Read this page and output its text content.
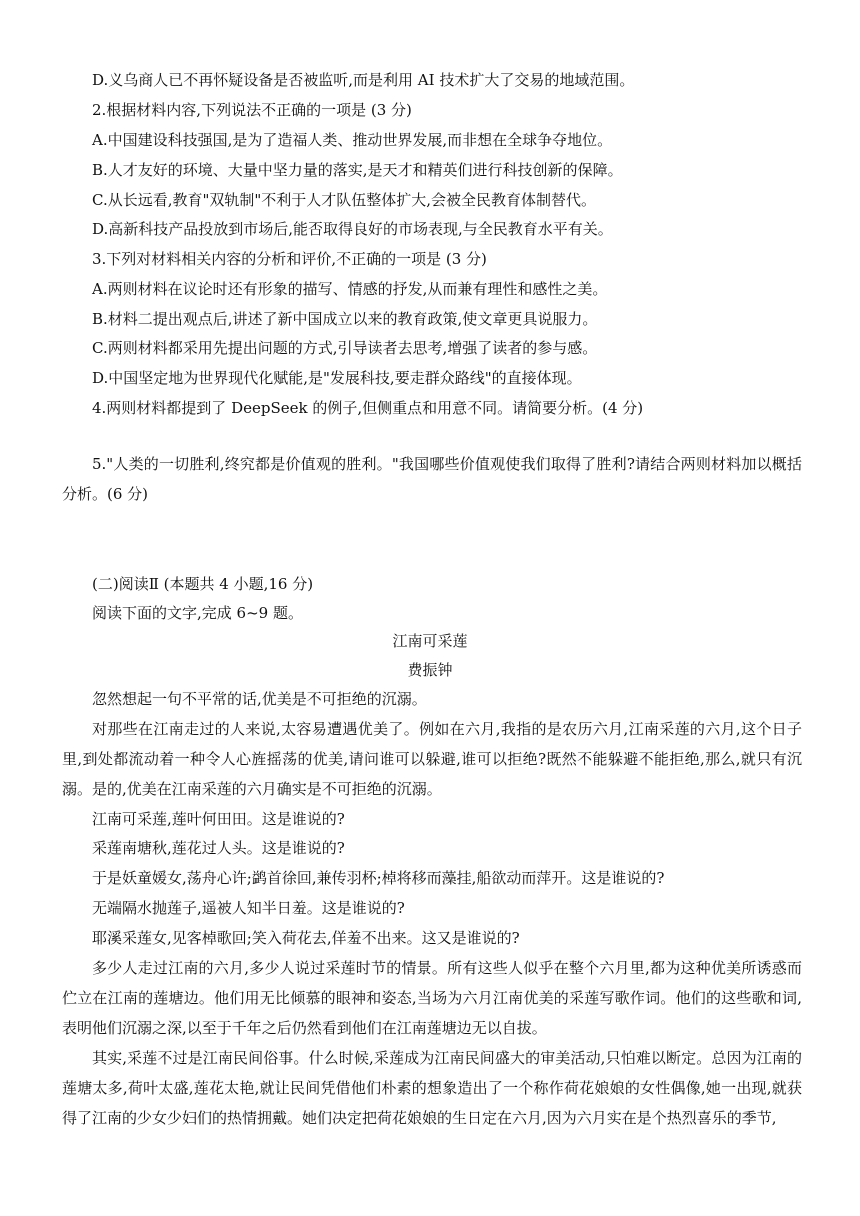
D.义乌商人已不再怀疑设备是否被监听,而是利用 AI 技术扩大了交易的地域范围。
2.根据材料内容,下列说法不正确的一项是 (3 分)
A.中国建设科技强国,是为了造福人类、推动世界发展,而非想在全球争夺地位。
B.人才友好的环境、大量中坚力量的落实,是天才和精英们进行科技创新的保障。
C.从长远看,教育"双轨制"不利于人才队伍整体扩大,会被全民教育体制替代。
D.高新科技产品投放到市场后,能否取得良好的市场表现,与全民教育水平有关。
3.下列对材料相关内容的分析和评价,不正确的一项是 (3 分)
A.两则材料在议论时还有形象的描写、情感的抒发,从而兼有理性和感性之美。
B.材料二提出观点后,讲述了新中国成立以来的教育政策,使文章更具说服力。
C.两则材料都采用先提出问题的方式,引导读者去思考,增强了读者的参与感。
D.中国坚定地为世界现代化赋能,是"发展科技,要走群众路线"的直接体现。
4.两则材料都提到了 DeepSeek 的例子,但侧重点和用意不同。请简要分析。(4 分)
5."人类的一切胜利,终究都是价值观的胜利。"我国哪些价值观使我们取得了胜利?请结合两则材料加以概括分析。(6 分)
(二)阅读Ⅱ (本题共 4 小题,16 分)
阅读下面的文字,完成 6~9 题。
江南可采莲
费振钟
忽然想起一句不平常的话,优美是不可拒绝的沉溺。
对那些在江南走过的人来说,太容易遭遇优美了。例如在六月,我指的是农历六月,江南采莲的六月,这个日子里,到处都流动着一种令人心旌摇荡的优美,请问谁可以躲避,谁可以拒绝?既然不能躲避不能拒绝,那么,就只有沉溺。是的,优美在江南采莲的六月确实是不可拒绝的沉溺。
江南可采莲,莲叶何田田。这是谁说的?
采莲南塘秋,莲花过人头。这是谁说的?
于是妖童媛女,荡舟心许;鹢首徐回,兼传羽杯;棹将移而藻挂,船欲动而萍开。这是谁说的?
无端隔水抛莲子,遥被人知半日羞。这是谁说的?
耶溪采莲女,见客棹歌回;笑入荷花去,佯羞不出来。这又是谁说的?
多少人走过江南的六月,多少人说过采莲时节的情景。所有这些人似乎在整个六月里,都为这种优美所诱惑而伫立在江南的莲塘边。他们用无比倾慕的眼神和姿态,当场为六月江南优美的采莲写歌作词。他们的这些歌和词,表明他们沉溺之深,以至于千年之后仍然看到他们在江南莲塘边无以自拔。
其实,采莲不过是江南民间俗事。什么时候,采莲成为江南民间盛大的审美活动,只怕难以断定。总因为江南的莲塘太多,荷叶太盛,莲花太艳,就让民间凭借他们朴素的想象造出了一个称作荷花娘娘的女性偶像,她一出现,就获得了江南的少女少妇们的热情拥戴。她们决定把荷花娘娘的生日定在六月,因为六月实在是个热烈喜乐的季节,
